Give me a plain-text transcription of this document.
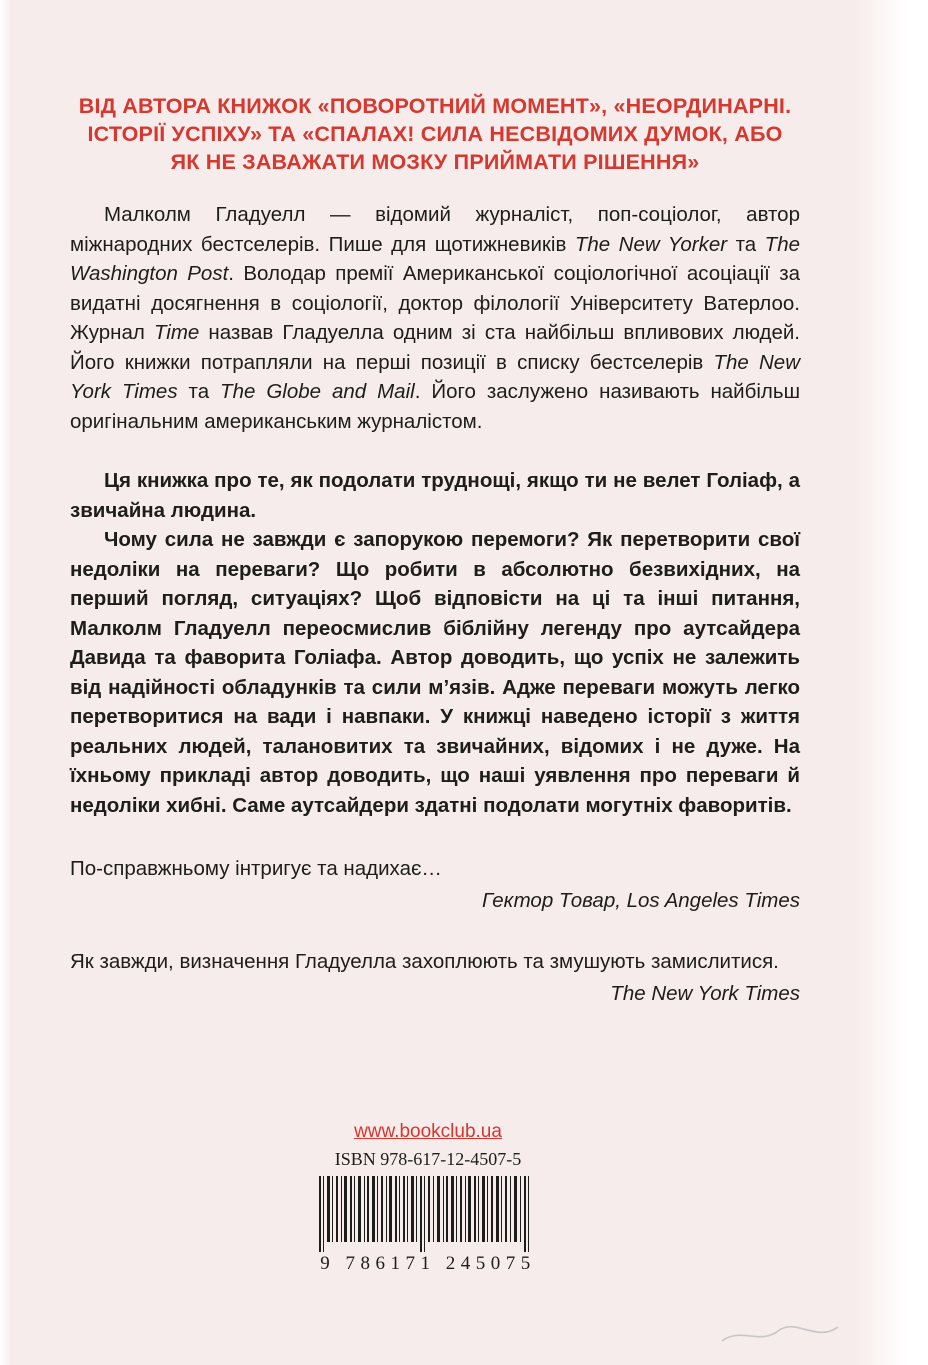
ВІД АВТОРА КНИЖОК «ПОВОРОТНИЙ МОМЕНТ», «НЕОРДИНАРНІ. ІСТОРІЇ УСПІХУ» ТА «СПАЛАХ! СИЛА НЕСВІДОМИХ ДУМОК, АБО ЯК НЕ ЗАВАЖАТИ МОЗКУ ПРИЙМАТИ РІШЕННЯ»

Малколм Гладуелл — відомий журналіст, поп-соціолог, автор міжнародних бестселерів. Пише для щотижневиків The New Yorker та The Washington Post. Володар премії Американської соціологічної асоціації за видатні досягнення в соціології, доктор філології Університету Ватерлоо. Журнал Time назвав Гладуелла одним зі ста найбільш впливових людей. Його книжки потрапляли на перші позиції в списку бестселерів The New York Times та The Globe and Mail. Його заслужено називають найбільш оригінальним американським журналістом.

Ця книжка про те, як подолати труднощі, якщо ти не велет Голіаф, а звичайна людина.

Чому сила не завжди є запорукою перемоги? Як перетворити свої недоліки на переваги? Що робити в абсолютно безвихідних, на перший погляд, ситуаціях? Щоб відповісти на ці та інші питання, Малколм Гладуелл переосмислив біблійну легенду про аутсайдера Давида та фаворита Голіафа. Автор доводить, що успіх не залежить від надійності обладунків та сили м’язів. Адже переваги можуть легко перетворитися на вади і навпаки. У книжці наведено історії з життя реальних людей, талановитих та звичайних, відомих і не дуже. На їхньому прикладі автор доводить, що наші уявлення про переваги й недоліки хибні. Саме аутсайдери здатні подолати могутніх фаворитів.

По-справжньому інтригує та надихає…

Гектор Товар, Los Angeles Times

Як завжди, визначення Гладуелла захоплюють та змушують замислитися.

The New York Times

www.bookclub.ua
ISBN 978-617-12-4507-5
9 786171 245075
